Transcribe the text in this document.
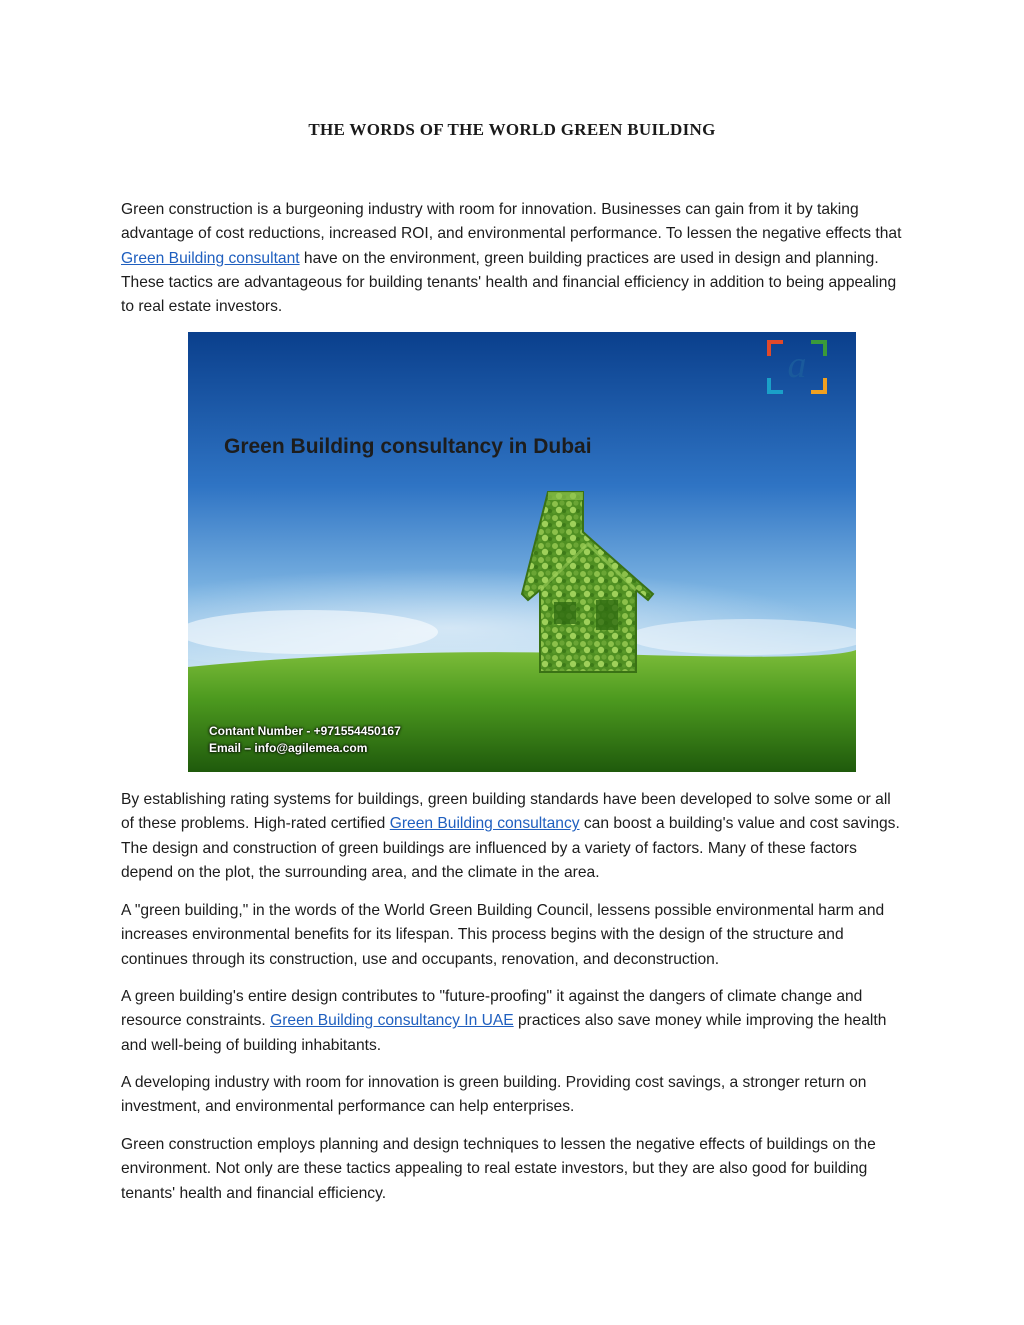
THE WORDS OF THE WORLD GREEN BUILDING

Green construction is a burgeoning industry with room for innovation. Businesses can gain from it by taking advantage of cost reductions, increased ROI, and environmental performance. To lessen the negative effects that Green Building consultant have on the environment, green building practices are used in design and planning. These tactics are advantageous for building tenants' health and financial efficiency in addition to being appealing to real estate investors.

Green Building consultancy in Dubai

Contant Number - +971554450167
Email – info@agilemea.com
a

By establishing rating systems for buildings, green building standards have been developed to solve some or all of these problems. High-rated certified Green Building consultancy can boost a building's value and cost savings. The design and construction of green buildings are influenced by a variety of factors. Many of these factors depend on the plot, the surrounding area, and the climate in the area.

A "green building," in the words of the World Green Building Council, lessens possible environmental harm and increases environmental benefits for its lifespan. This process begins with the design of the structure and continues through its construction, use and occupants, renovation, and deconstruction.

A green building's entire design contributes to "future-proofing" it against the dangers of climate change and resource constraints. Green Building consultancy In UAE practices also save money while improving the health and well-being of building inhabitants.

A developing industry with room for innovation is green building. Providing cost savings, a stronger return on investment, and environmental performance can help enterprises.

Green construction employs planning and design techniques to lessen the negative effects of buildings on the environment. Not only are these tactics appealing to real estate investors, but they are also good for building tenants' health and financial efficiency.
